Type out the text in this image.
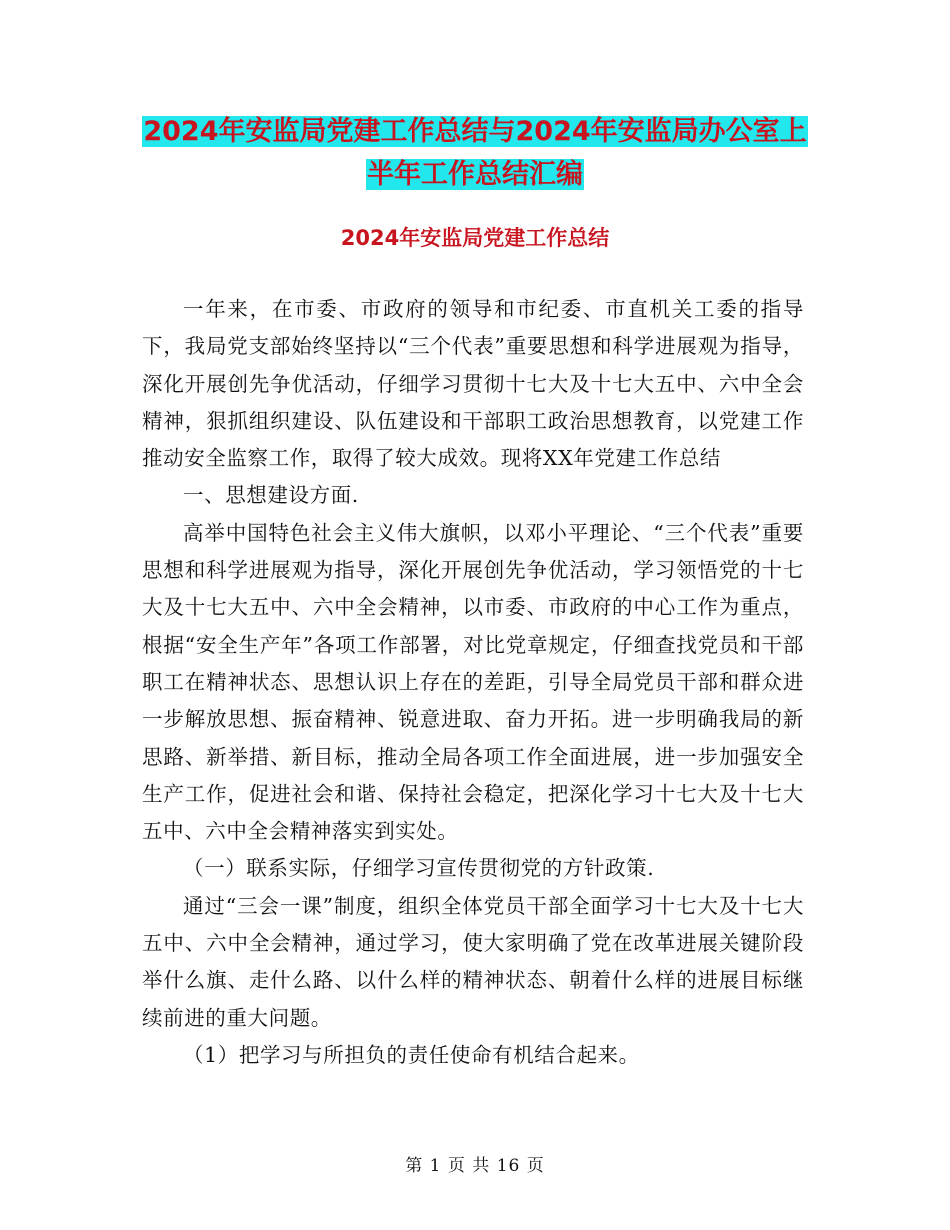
2024年安监局党建工作总结与2024年安监局办公室上
半年工作总结汇编
2024年安监局党建工作总结

一年来，在市委、市政府的领导和市纪委、市直机关工委的指导下，我局党支部始终坚持以“三个代表”重要思想和科学进展观为指导，深化开展创先争优活动，仔细学习贯彻十七大及十七大五中、六中全会精神，狠抓组织建设、队伍建设和干部职工政治思想教育，以党建工作推动安全监察工作，取得了较大成效。现将XX年党建工作总结

一、思想建设方面.

高举中国特色社会主义伟大旗帜，以邓小平理论、“三个代表”重要思想和科学进展观为指导，深化开展创先争优活动，学习领悟党的十七大及十七大五中、六中全会精神，以市委、市政府的中心工作为重点，根据“安全生产年”各项工作部署，对比党章规定，仔细查找党员和干部职工在精神状态、思想认识上存在的差距，引导全局党员干部和群众进一步解放思想、振奋精神、锐意进取、奋力开拓。进一步明确我局的新思路、新举措、新目标，推动全局各项工作全面进展，进一步加强安全生产工作，促进社会和谐、保持社会稳定，把深化学习十七大及十七大五中、六中全会精神落实到实处。

（一）联系实际，仔细学习宣传贯彻党的方针政策.

通过“三会一课”制度，组织全体党员干部全面学习十七大及十七大五中、六中全会精神，通过学习，使大家明确了党在改革进展关键阶段举什么旗、走什么路、以什么样的精神状态、朝着什么样的进展目标继续前进的重大问题。

（1）把学习与所担负的责任使命有机结合起来。

第 1 页 共 16 页
